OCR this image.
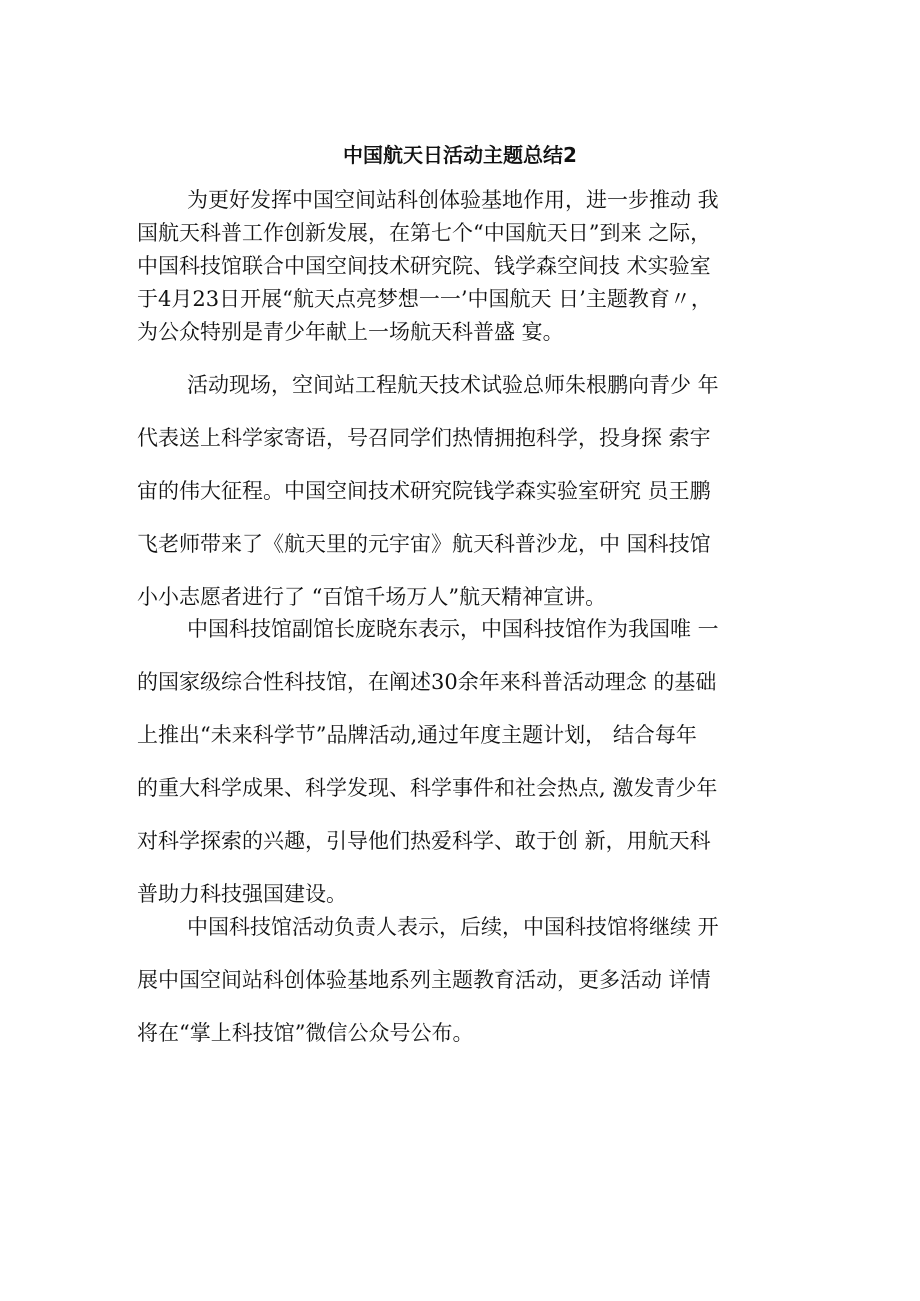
中国航天日活动主题总结2

为更好发挥中国空间站科创体验基地作用，进一步推动 我
国航天科普工作创新发展，在第七个“中国航天日”到来 之际，
中国科技馆联合中国空间技术研究院、钱学森空间技 术实验室
于4月23日开展“航天点亮梦想一一’中国航天 日’主题教育〃，
为公众特别是青少年献上一场航天科普盛 宴。

活动现场，空间站工程航天技术试验总师朱根鹏向青少 年
代表送上科学家寄语，号召同学们热情拥抱科学，投身探 索宇
宙的伟大征程。中国空间技术研究院钱学森实验室研究 员王鹏
飞老师带来了《航天里的元宇宙》航天科普沙龙，中 国科技馆
小小志愿者进行了 “百馆千场万人”航天精神宣讲。

中国科技馆副馆长庞晓东表示，中国科技馆作为我国唯 一
的国家级综合性科技馆，在阐述30余年来科普活动理念 的基础
上推出“未来科学节”品牌活动,通过年度主题计划， 结合每年
的重大科学成果、科学发现、科学事件和社会热点, 激发青少年
对科学探索的兴趣，引导他们热爱科学、敢于创 新，用航天科
普助力科技强国建设。

中国科技馆活动负责人表示，后续，中国科技馆将继续 开
展中国空间站科创体验基地系列主题教育活动，更多活动 详情
将在“掌上科技馆”微信公众号公布。
